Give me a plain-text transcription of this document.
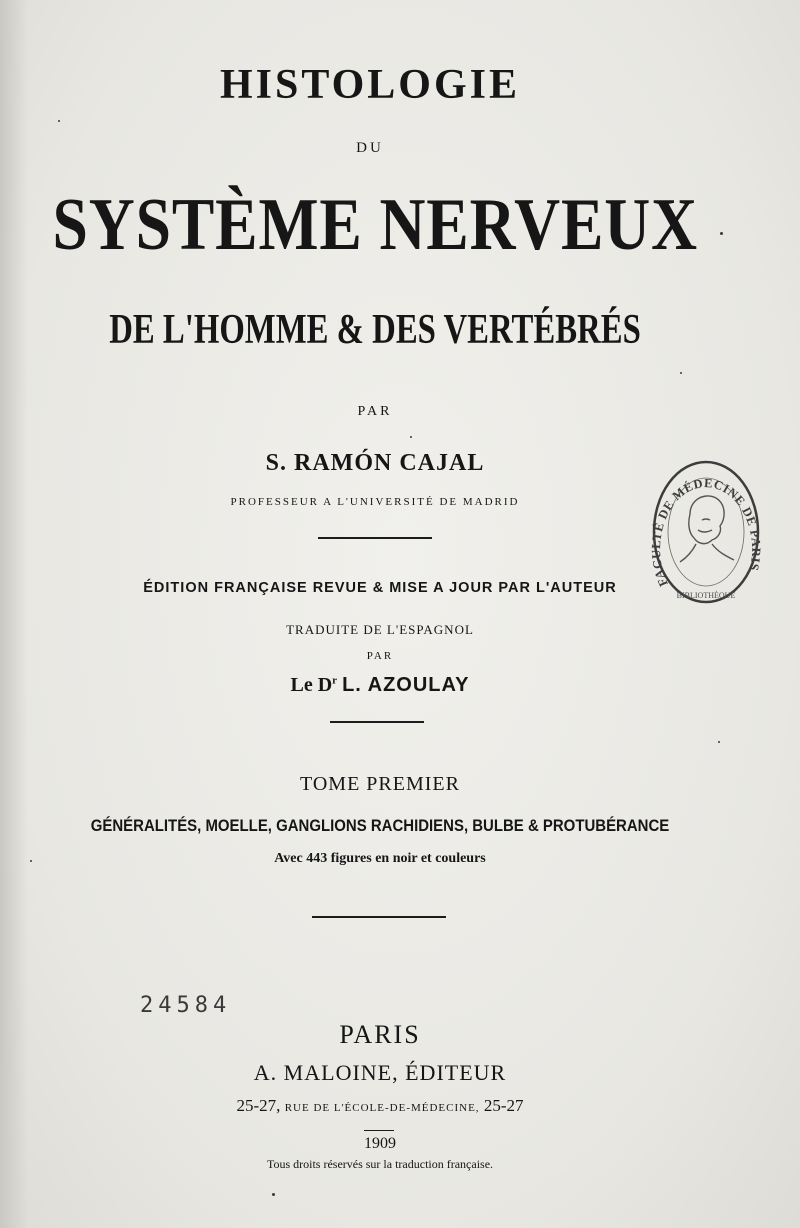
HISTOLOGIE
DU
SYSTÈME NERVEUX
DE L'HOMME & DES VERTÉBRÉS
PAR
S. RAMÓN CAJAL
PROFESSEUR A L'UNIVERSITÉ DE MADRID
ÉDITION FRANÇAISE REVUE & MISE A JOUR PAR L'AUTEUR
TRADUITE DE L'ESPAGNOL
PAR
Le $D^r$ L. AZOULAY
TOME PREMIER
GÉNÉRALITÉS, MOELLE, GANGLIONS RACHIDIENS, BULBE & PROTUBÉRANCE
Avec 443 figures en noir et couleurs
24584
PARIS
A. MALOINE, ÉDITEUR
25-27, RUE DE L'ÉCOLE-DE-MÉDECINE, 25-27
1909
Tous droits réservés sur la traduction française.
FACULTÉ DE MÉDECINE DE PARIS
BIBLIOTHÈQUE
